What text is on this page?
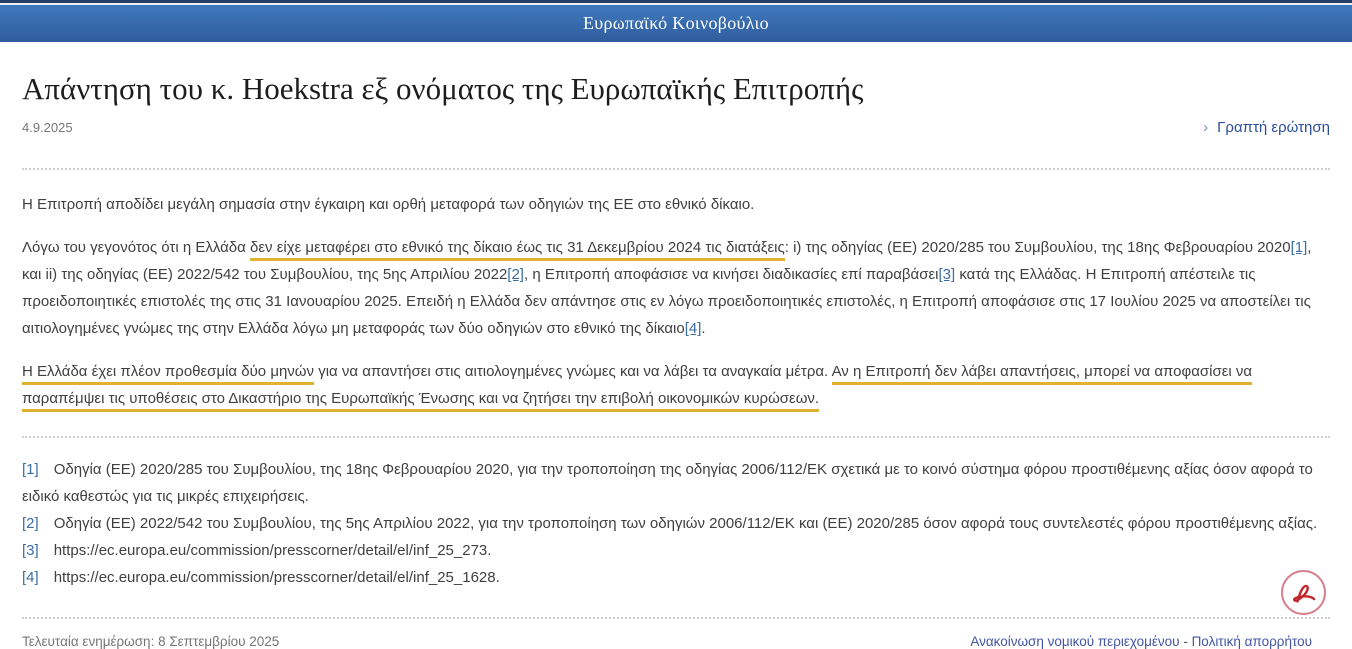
Ευρωπαϊκό Κοινοβούλιο
Απάντηση του κ. Hoekstra εξ ονόματος της Ευρωπαϊκής Επιτροπής
4.9.2025	› Γραπτή ερώτηση

Η Επιτροπή αποδίδει μεγάλη σημασία στην έγκαιρη και ορθή μεταφορά των οδηγιών της ΕΕ στο εθνικό δίκαιο.

Λόγω του γεγονότος ότι η Ελλάδα δεν είχε μεταφέρει στο εθνικό της δίκαιο έως τις 31 Δεκεμβρίου 2024 τις διατάξεις: i) της οδηγίας (ΕΕ) 2020/285 του Συμβουλίου, της 18ης Φεβρουαρίου 2020[1], και ii) της οδηγίας (ΕΕ) 2022/542 του Συμβουλίου, της 5ης Απριλίου 2022[2], η Επιτροπή αποφάσισε να κινήσει διαδικασίες επί παραβάσει[3] κατά της Ελλάδας. Η Επιτροπή απέστειλε τις προειδοποιητικές επιστολές της στις 31 Ιανουαρίου 2025. Επειδή η Ελλάδα δεν απάντησε στις εν λόγω προειδοποιητικές επιστολές, η Επιτροπή αποφάσισε στις 17 Ιουλίου 2025 να αποστείλει τις αιτιολογημένες γνώμες της στην Ελλάδα λόγω μη μεταφοράς των δύο οδηγιών στο εθνικό της δίκαιο[4].

Η Ελλάδα έχει πλέον προθεσμία δύο μηνών για να απαντήσει στις αιτιολογημένες γνώμες και να λάβει τα αναγκαία μέτρα. Αν η Επιτροπή δεν λάβει απαντήσεις, μπορεί να αποφασίσει να παραπέμψει τις υποθέσεις στο Δικαστήριο της Ευρωπαϊκής Ένωσης και να ζητήσει την επιβολή οικονομικών κυρώσεων.

[1] Οδηγία (ΕΕ) 2020/285 του Συμβουλίου, της 18ης Φεβρουαρίου 2020, για την τροποποίηση της οδηγίας 2006/112/ΕΚ σχετικά με το κοινό σύστημα φόρου προστιθέμενης αξίας όσον αφορά το ειδικό καθεστώς για τις μικρές επιχειρήσεις.
[2] Οδηγία (ΕΕ) 2022/542 του Συμβουλίου, της 5ης Απριλίου 2022, για την τροποποίηση των οδηγιών 2006/112/ΕΚ και (ΕΕ) 2020/285 όσον αφορά τους συντελεστές φόρου προστιθέμενης αξίας.
[3] https://ec.europa.eu/commission/presscorner/detail/el/inf_25_273.
[4] https://ec.europa.eu/commission/presscorner/detail/el/inf_25_1628.
Τελευταία ενημέρωση: 8 Σεπτεμβρίου 2025	Ανακοίνωση νομικού περιεχομένου - Πολιτική απορρήτου
